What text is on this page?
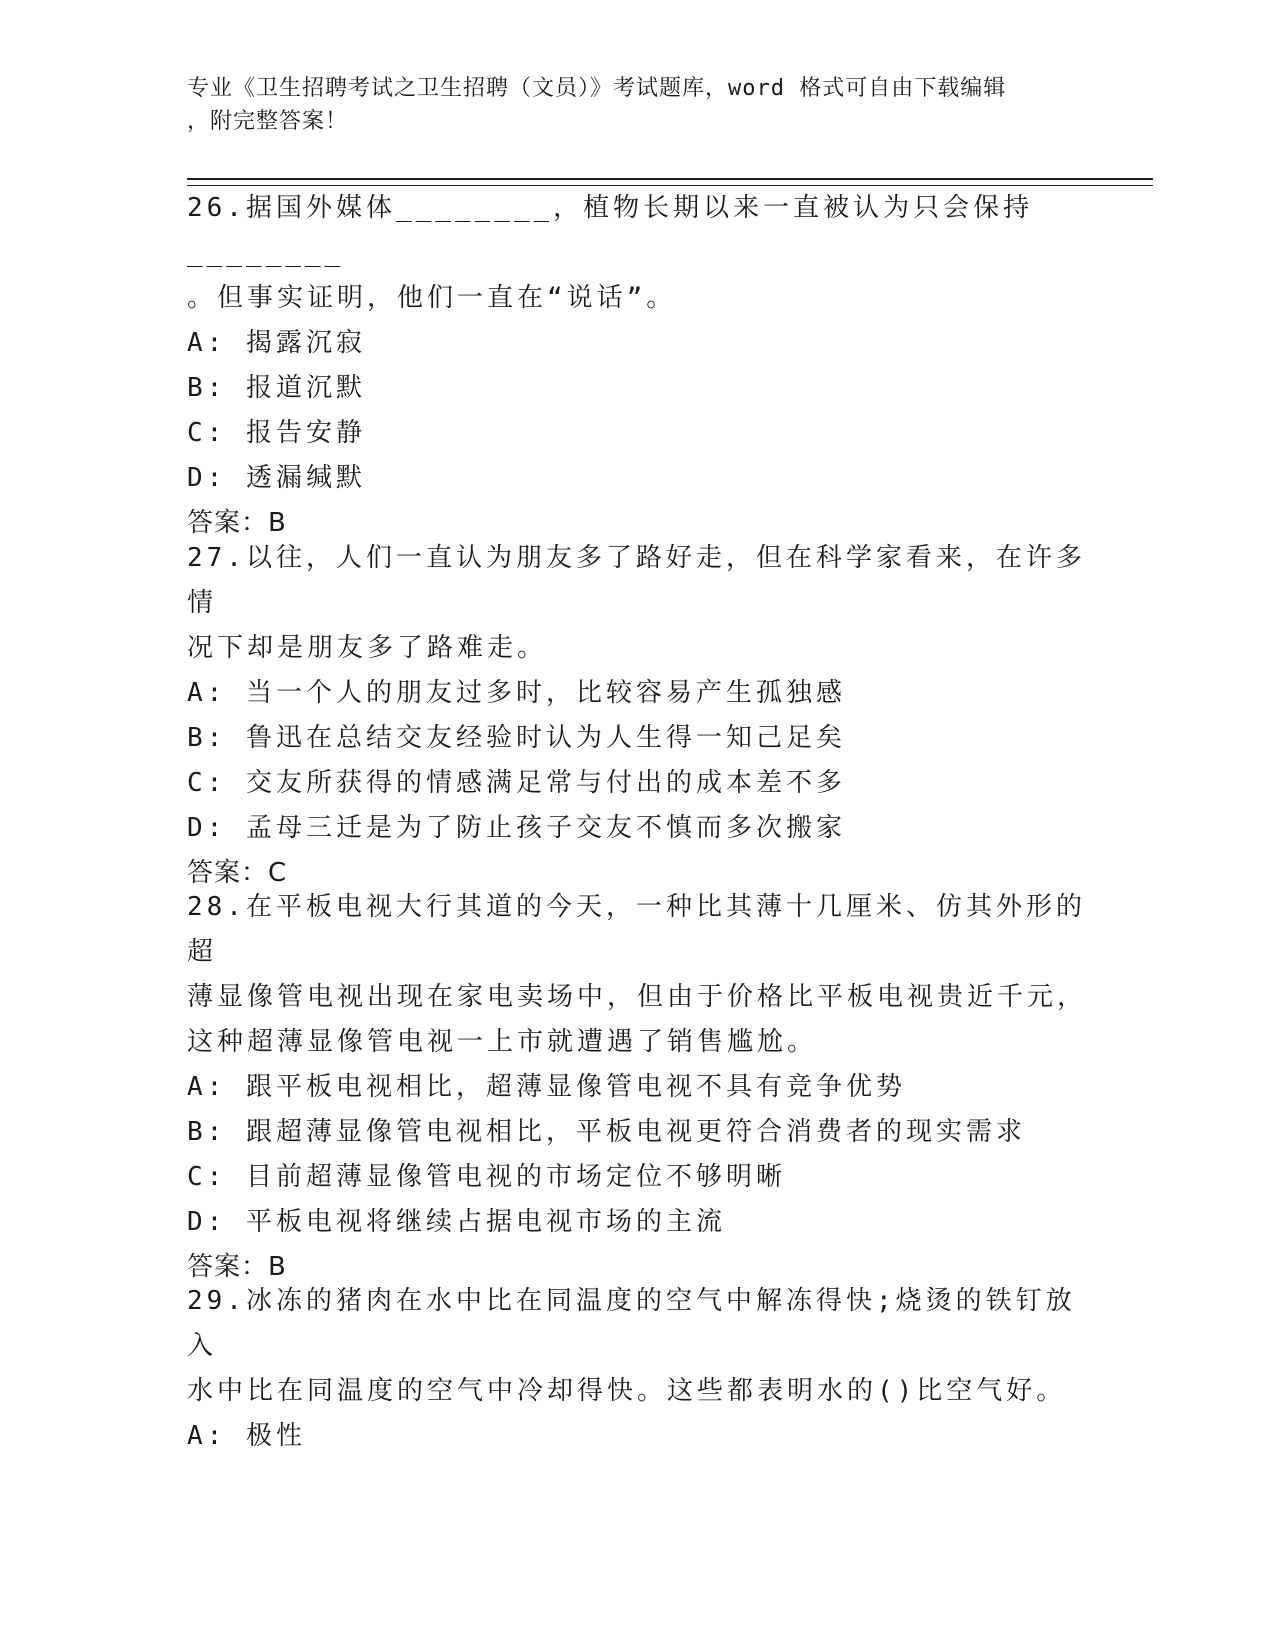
专业《卫生招聘考试之卫生招聘（文员）》考试题库，word 格式可自由下载编辑
，附完整答案！
26.据国外媒体________，植物长期以来一直被认为只会保持________
。但事实证明，他们一直在“说话”。
A: 揭露沉寂
B: 报道沉默
C: 报告安静
D: 透漏缄默
答案：B
27.以往，人们一直认为朋友多了路好走，但在科学家看来，在许多情
况下却是朋友多了路难走。
A: 当一个人的朋友过多时，比较容易产生孤独感
B: 鲁迅在总结交友经验时认为人生得一知己足矣
C: 交友所获得的情感满足常与付出的成本差不多
D: 孟母三迁是为了防止孩子交友不慎而多次搬家
答案：C
28.在平板电视大行其道的今天，一种比其薄十几厘米、仿其外形的超
薄显像管电视出现在家电卖场中，但由于价格比平板电视贵近千元，
这种超薄显像管电视一上市就遭遇了销售尴尬。
A: 跟平板电视相比，超薄显像管电视不具有竞争优势
B: 跟超薄显像管电视相比，平板电视更符合消费者的现实需求
C: 目前超薄显像管电视的市场定位不够明晰
D: 平板电视将继续占据电视市场的主流
答案：B
29.冰冻的猪肉在水中比在同温度的空气中解冻得快;烧烫的铁钉放入
水中比在同温度的空气中冷却得快。这些都表明水的()比空气好。
A: 极性
